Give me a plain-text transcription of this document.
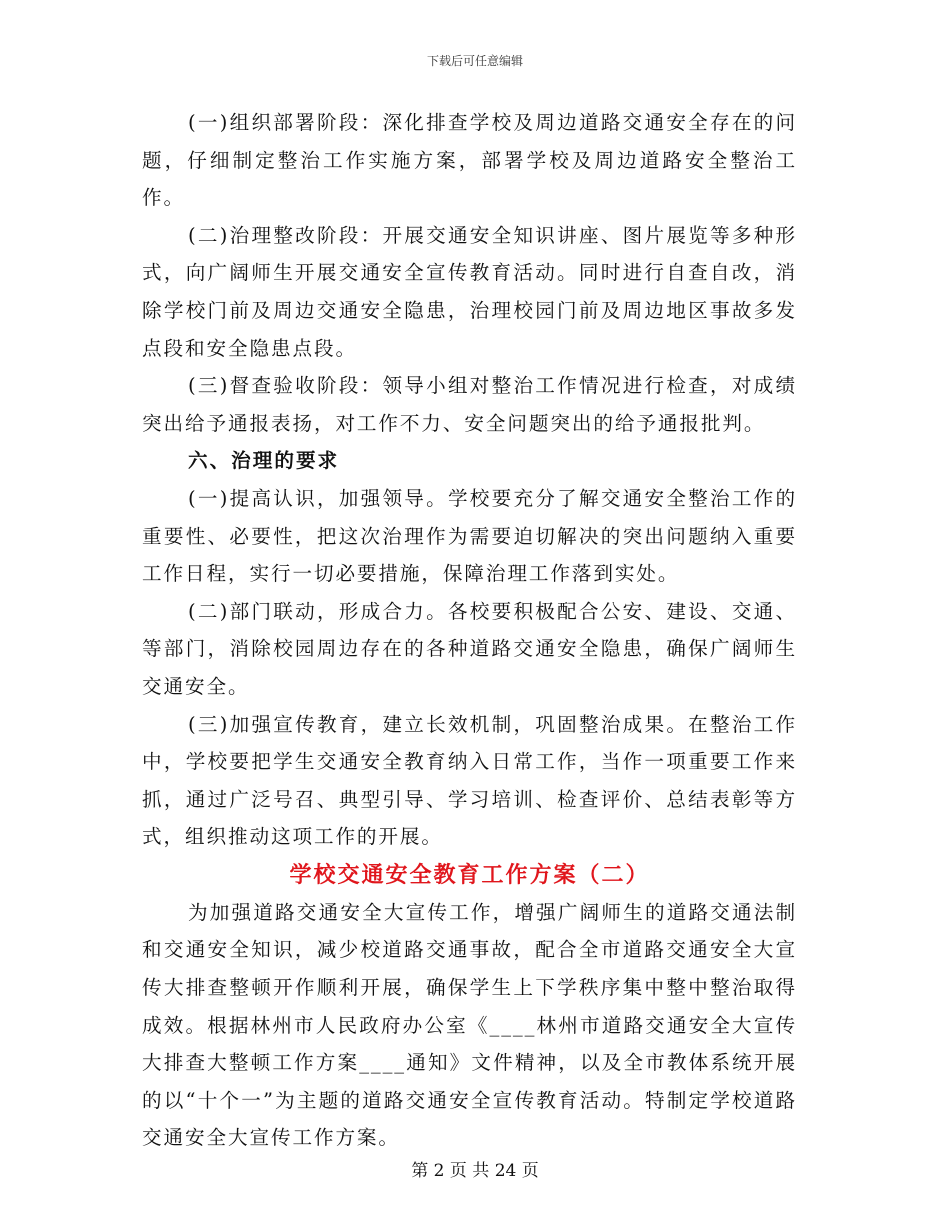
下载后可任意编辑

(一)组织部署阶段：深化排查学校及周边道路交通安全存在的问题，仔细制定整治工作实施方案，部署学校及周边道路安全整治工作。

(二)治理整改阶段：开展交通安全知识讲座、图片展览等多种形式，向广阔师生开展交通安全宣传教育活动。同时进行自查自改，消除学校门前及周边交通安全隐患，治理校园门前及周边地区事故多发点段和安全隐患点段。

(三)督查验收阶段：领导小组对整治工作情况进行检查，对成绩突出给予通报表扬，对工作不力、安全问题突出的给予通报批判。

六、治理的要求

(一)提高认识，加强领导。学校要充分了解交通安全整治工作的重要性、必要性，把这次治理作为需要迫切解决的突出问题纳入重要工作日程，实行一切必要措施，保障治理工作落到实处。

(二)部门联动，形成合力。各校要积极配合公安、建设、交通、等部门，消除校园周边存在的各种道路交通安全隐患，确保广阔师生交通安全。

(三)加强宣传教育，建立长效机制，巩固整治成果。在整治工作中，学校要把学生交通安全教育纳入日常工作，当作一项重要工作来抓，通过广泛号召、典型引导、学习培训、检查评价、总结表彰等方式，组织推动这项工作的开展。

学校交通安全教育工作方案（二）

为加强道路交通安全大宣传工作，增强广阔师生的道路交通法制和交通安全知识，减少校道路交通事故，配合全市道路交通安全大宣传大排查整顿开作顺利开展，确保学生上下学秩序集中整中整治取得成效。根据林州市人民政府办公室《____林州市道路交通安全大宣传大排查大整顿工作方案____通知》文件精神，以及全市教体系统开展的以“十个一”为主题的道路交通安全宣传教育活动。特制定学校道路交通安全大宣传工作方案。

第 2 页 共 24 页
